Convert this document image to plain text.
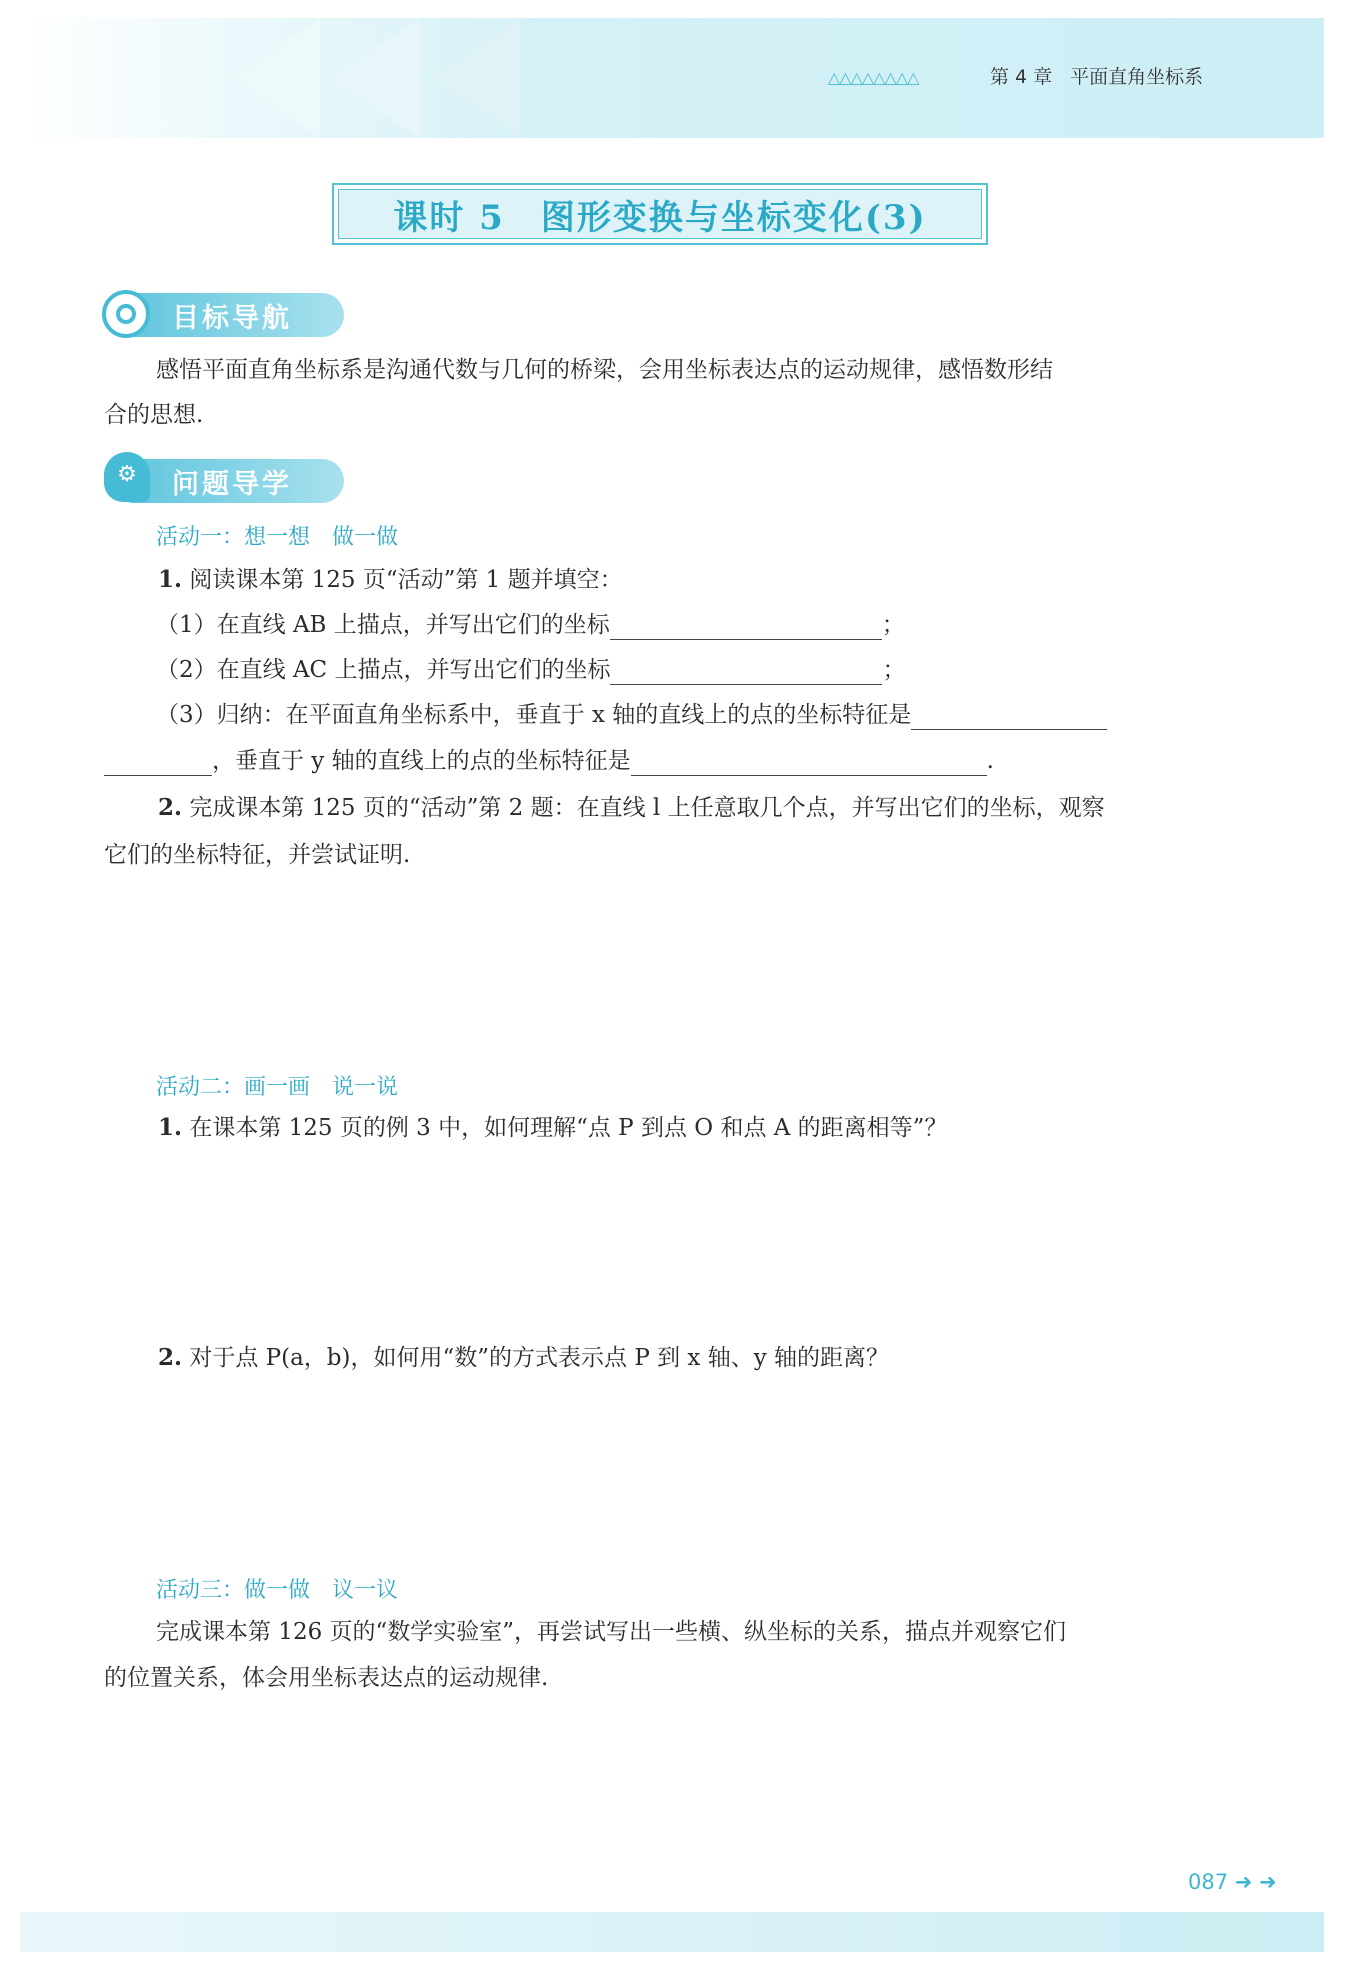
△△△△△△△△	第 4 章 平面直角坐标系
课时 5 图形变换与坐标变化(3)
目标导航
感悟平面直角坐标系是沟通代数与几何的桥梁，会用坐标表达点的运动规律，感悟数形结
合的思想.
⚙	问题导学
活动一：想一想　做一做
1. 阅读课本第 125 页“活动”第 1 题并填空：
（1）在直线 AB 上描点，并写出它们的坐标	；
（2）在直线 AC 上描点，并写出它们的坐标	；
（3）归纳：在平面直角坐标系中，垂直于 x 轴的直线上的点的坐标特征是
，垂直于 y 轴的直线上的点的坐标特征是	.
2. 完成课本第 125 页的“活动”第 2 题：在直线 l 上任意取几个点，并写出它们的坐标，观察
它们的坐标特征，并尝试证明.
活动二：画一画　说一说
1. 在课本第 125 页的例 3 中，如何理解“点 P 到点 O 和点 A 的距离相等”？
2. 对于点 P(a，b)，如何用“数”的方式表示点 P 到 x 轴、y 轴的距离？
活动三：做一做　议一议
完成课本第 126 页的“数学实验室”，再尝试写出一些横、纵坐标的关系，描点并观察它们
的位置关系，体会用坐标表达点的运动规律.
087 ➜ ➜
